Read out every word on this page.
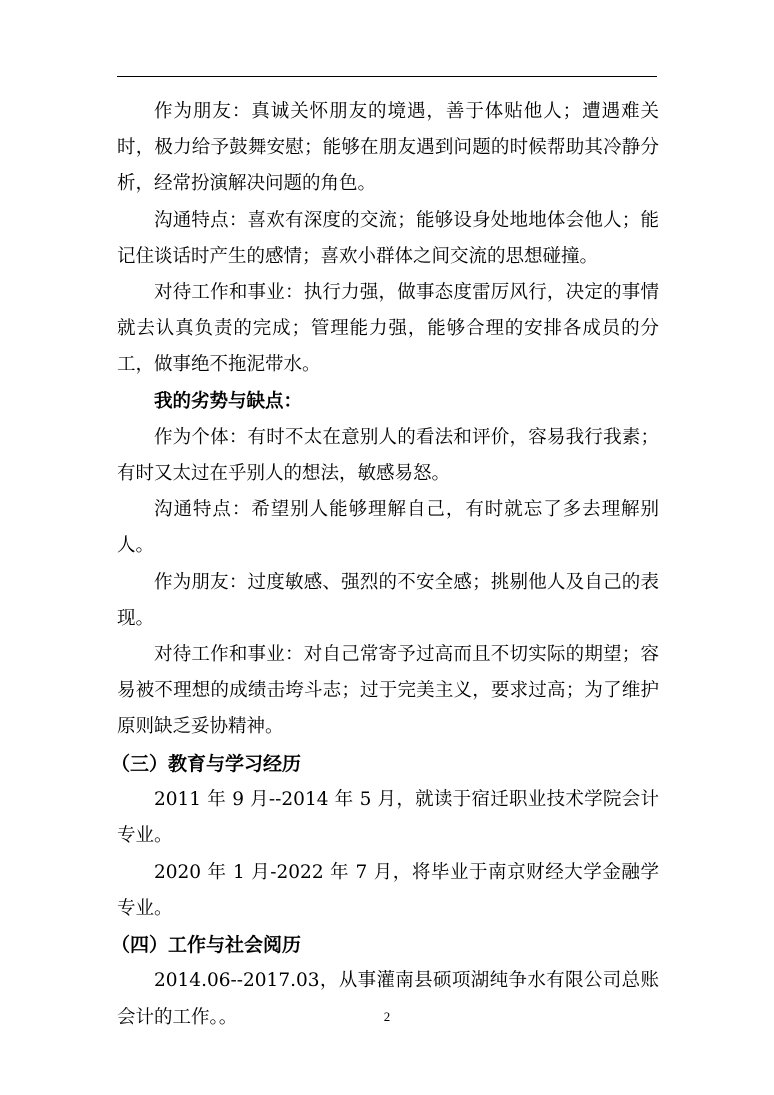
作为朋友：真诚关怀朋友的境遇，善于体贴他人；遭遇难关时，极力给予鼓舞安慰；能够在朋友遇到问题的时候帮助其冷静分析，经常扮演解决问题的角色。

沟通特点：喜欢有深度的交流；能够设身处地地体会他人；能记住谈话时产生的感情；喜欢小群体之间交流的思想碰撞。

对待工作和事业：执行力强，做事态度雷厉风行，决定的事情就去认真负责的完成；管理能力强，能够合理的安排各成员的分工，做事绝不拖泥带水。

我的劣势与缺点：

作为个体：有时不太在意别人的看法和评价，容易我行我素；有时又太过在乎别人的想法，敏感易怒。

沟通特点：希望别人能够理解自己，有时就忘了多去理解别人。

作为朋友：过度敏感、强烈的不安全感；挑剔他人及自己的表现。

对待工作和事业：对自己常寄予过高而且不切实际的期望；容易被不理想的成绩击垮斗志；过于完美主义，要求过高；为了维护原则缺乏妥协精神。

（三）教育与学习经历

2011 年 9 月--2014 年 5 月，就读于宿迁职业技术学院会计专业。

2020 年 1 月-2022 年 7 月，将毕业于南京财经大学金融学专业。

（四）工作与社会阅历

2014.06--2017.03，从事灌南县硕项湖纯争水有限公司总账会计的工作。。	2
